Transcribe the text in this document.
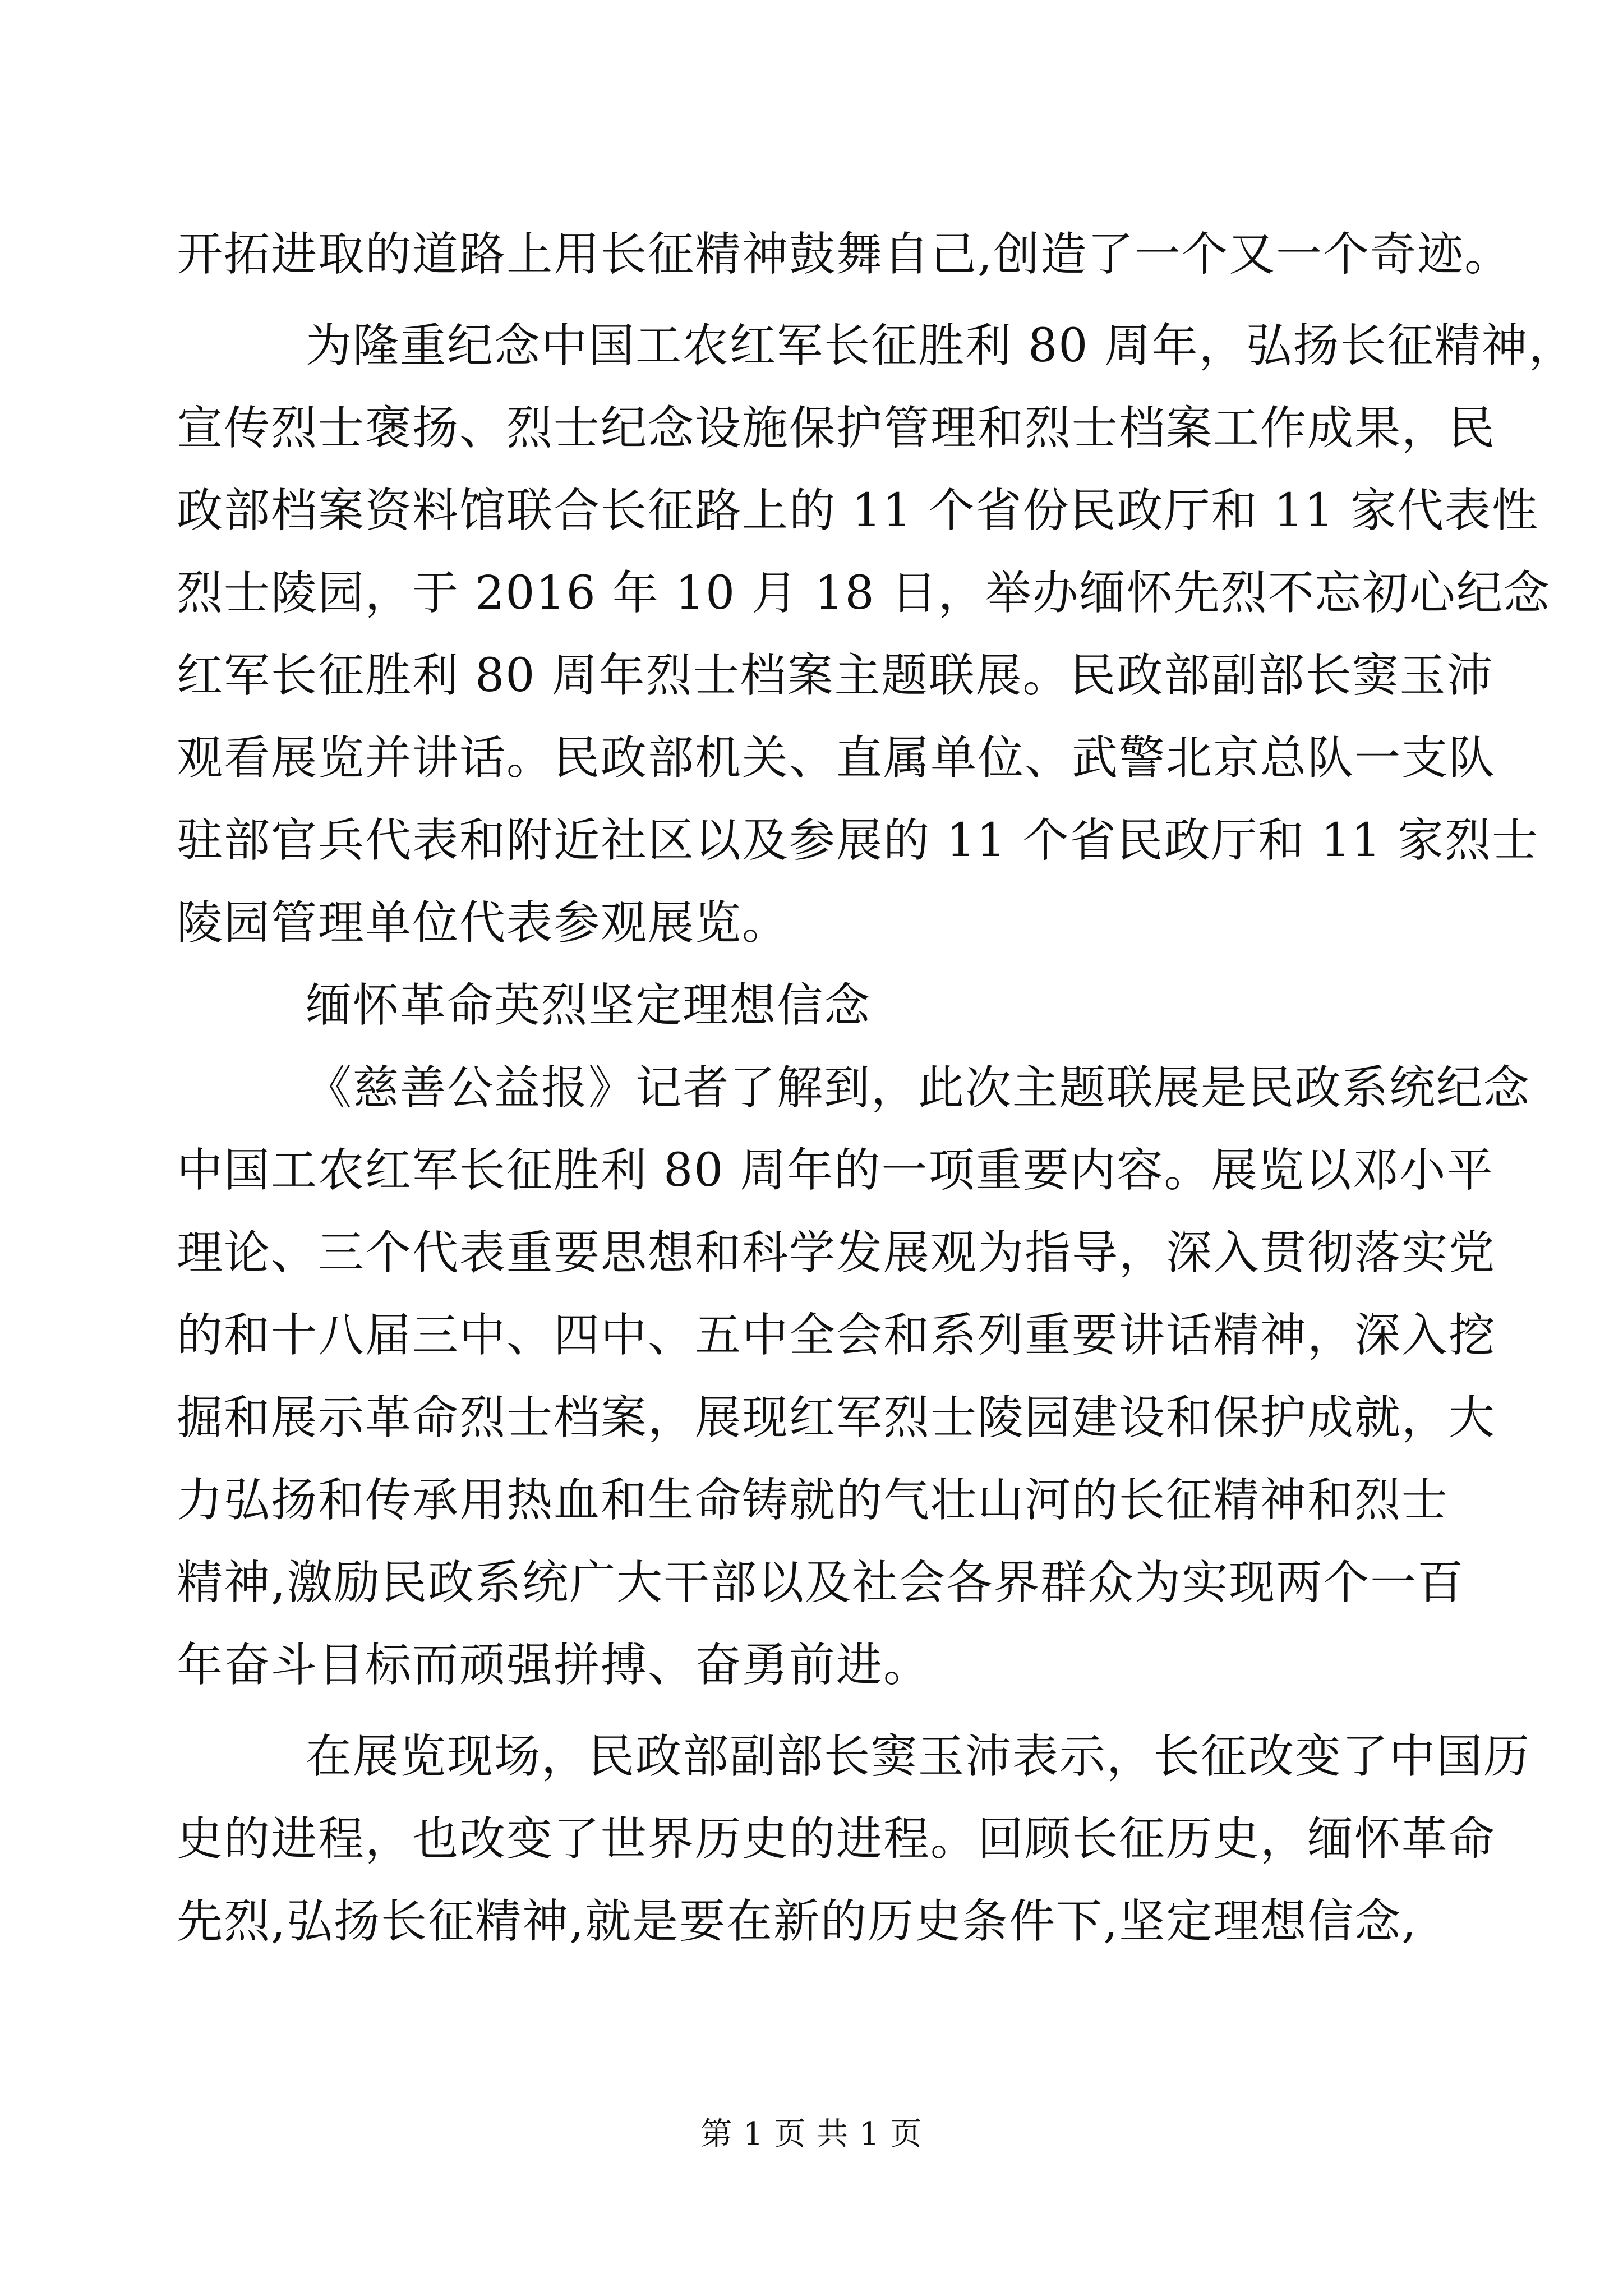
开拓进取的道路上用长征精神鼓舞自己,创造了一个又一个奇迹。
为隆重纪念中国工农红军长征胜利 80 周年，弘扬长征精神，
宣传烈士褒扬、烈士纪念设施保护管理和烈士档案工作成果，民
政部档案资料馆联合长征路上的 11 个省份民政厅和 11 家代表性
烈士陵园，于 2016 年 10 月 18 日，举办缅怀先烈不忘初心纪念
红军长征胜利 80 周年烈士档案主题联展。民政部副部长窦玉沛
观看展览并讲话。民政部机关、直属单位、武警北京总队一支队
驻部官兵代表和附近社区以及参展的 11 个省民政厅和 11 家烈士
陵园管理单位代表参观展览。
缅怀革命英烈坚定理想信念
《慈善公益报》记者了解到，此次主题联展是民政系统纪念
中国工农红军长征胜利 80 周年的一项重要内容。展览以邓小平
理论、三个代表重要思想和科学发展观为指导，深入贯彻落实党
的和十八届三中、四中、五中全会和系列重要讲话精神，深入挖
掘和展示革命烈士档案，展现红军烈士陵园建设和保护成就，大
力弘扬和传承用热血和生命铸就的气壮山河的长征精神和烈士
精神,激励民政系统广大干部以及社会各界群众为实现两个一百
年奋斗目标而顽强拼搏、奋勇前进。
在展览现场，民政部副部长窦玉沛表示，长征改变了中国历
史的进程，也改变了世界历史的进程。回顾长征历史，缅怀革命
先烈,弘扬长征精神,就是要在新的历史条件下,坚定理想信念,
第 1 页 共 1 页
